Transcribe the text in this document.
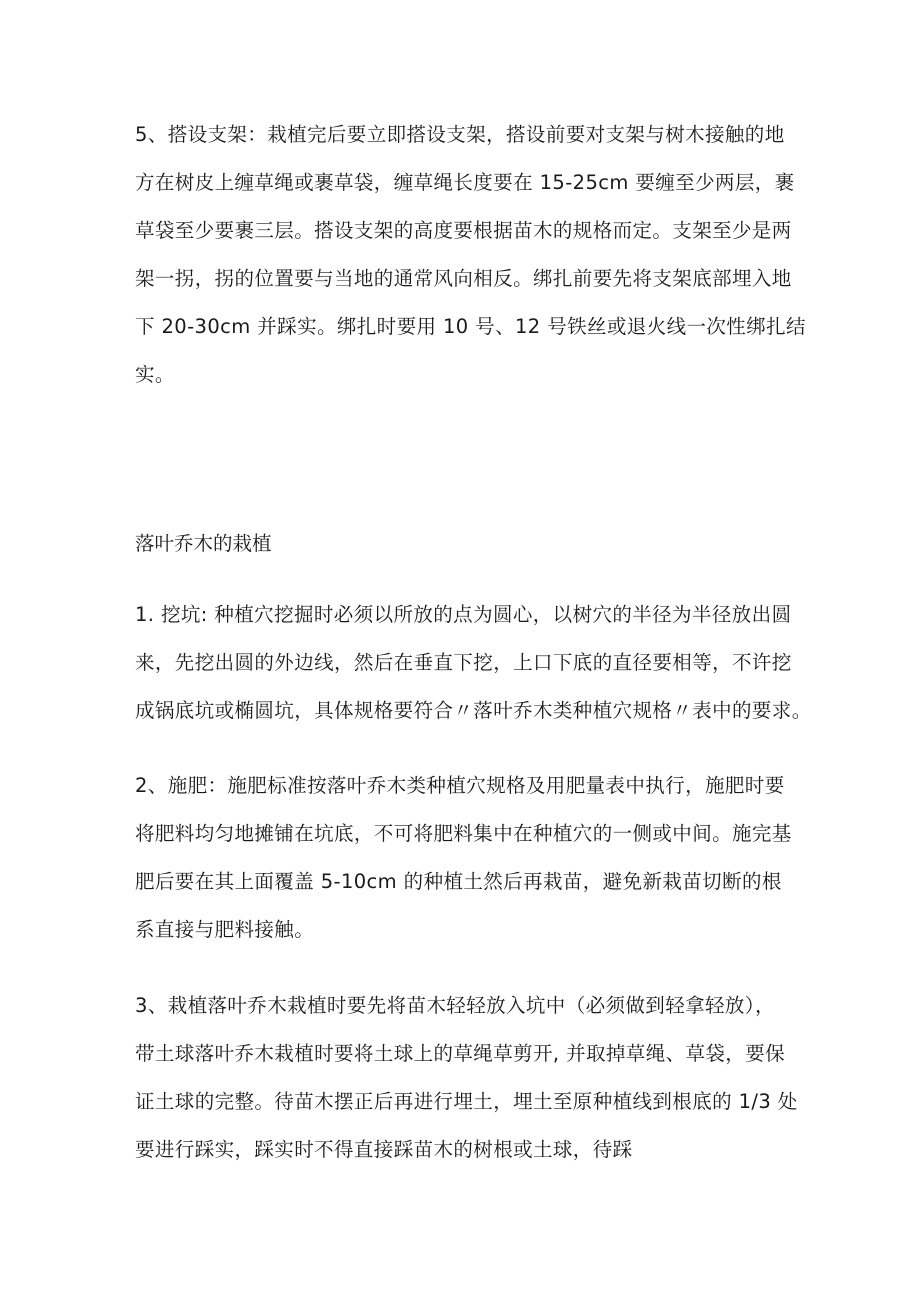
5、搭设支架：栽植完后要立即搭设支架，搭设前要对支架与树木接触的地
方在树皮上缠草绳或裹草袋，缠草绳长度要在 15-25cm 要缠至少两层，裹
草袋至少要裹三层。搭设支架的高度要根据苗木的规格而定。支架至少是两
架一拐，拐的位置要与当地的通常风向相反。绑扎前要先将支架底部埋入地
下 20-30cm 并踩实。绑扎时要用 10 号、12 号铁丝或退火线一次性绑扎结
实。

落叶乔木的栽植

1. 挖坑: 种植穴挖掘时必须以所放的点为圆心，以树穴的半径为半径放出圆
来，先挖出圆的外边线，然后在垂直下挖，上口下底的直径要相等，不许挖
成锅底坑或椭圆坑，具体规格要符合〃落叶乔木类种植穴规格〃表中的要求。

2、施肥：施肥标准按落叶乔木类种植穴规格及用肥量表中执行，施肥时要
将肥料均匀地摊铺在坑底，不可将肥料集中在种植穴的一侧或中间。施完基
肥后要在其上面覆盖 5-10cm 的种植土然后再栽苗，避免新栽苗切断的根
系直接与肥料接触。

3、栽植落叶乔木栽植时要先将苗木轻轻放入坑中（必须做到轻拿轻放），
带土球落叶乔木栽植时要将土球上的草绳草剪开, 并取掉草绳、草袋，要保
证土球的完整。待苗木摆正后再进行埋土，埋土至原种植线到根底的 1/3 处
要进行踩实，踩实时不得直接踩苗木的树根或土球，待踩
